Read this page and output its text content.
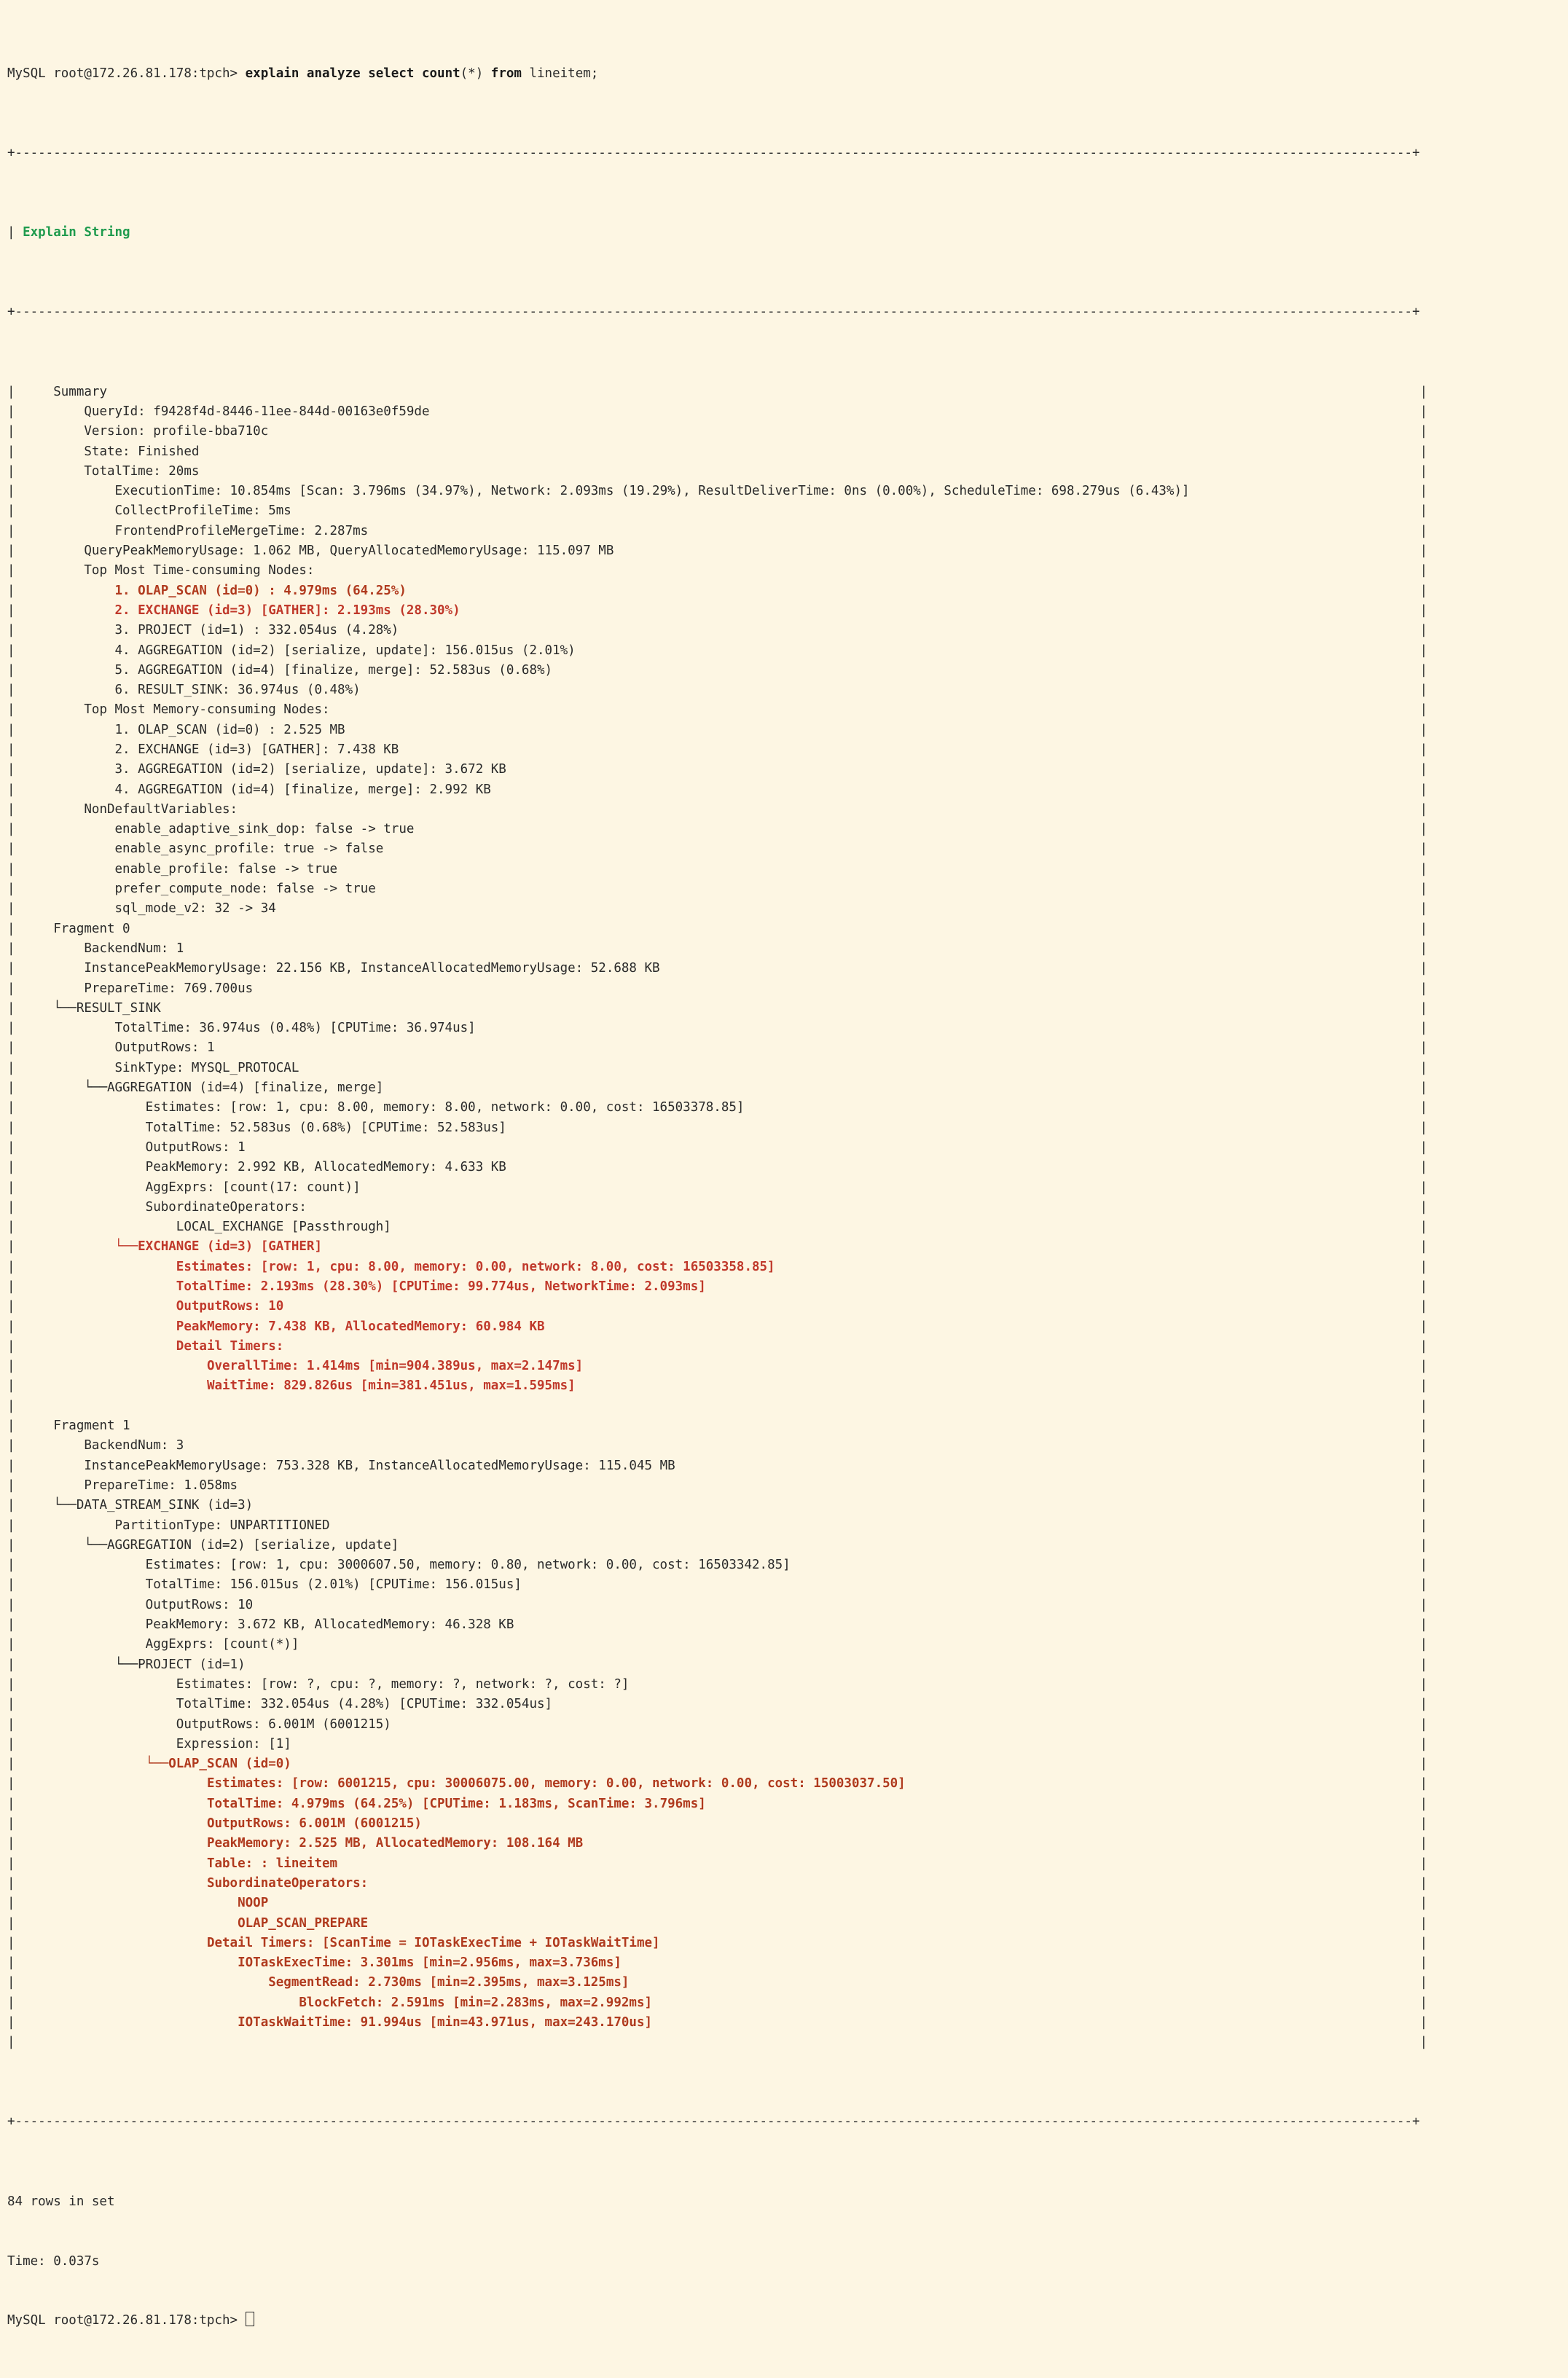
MySQL root@172.26.81.178:tpch> explain analyze select count(*) from lineitem;

+--------------------------------------------------------------------------------------------------------------------------------------------------------------------------------------+

| Explain String

+--------------------------------------------------------------------------------------------------------------------------------------------------------------------------------------+

|     Summary                                                                                                                                                                           |
|	QueryId: f9428f4d-8446-11ee-844d-00163e0f59de                                                                                                                                 |
|	Version: profile-bba710c                                                                                                                                                      |
|	State: Finished                                                                                                                                                               |
|	TotalTime: 20ms                                                                                                                                                               |
|	ExecutionTime: 10.854ms [Scan: 3.796ms (34.97%), Network: 2.093ms (19.29%), ResultDeliverTime: 0ns (0.00%), ScheduleTime: 698.279us (6.43%)]                              |
|	CollectProfileTime: 5ms                                                                                                                                                   |
|	FrontendProfileMergeTime: 2.287ms                                                                                                                                         |
|	QueryPeakMemoryUsage: 1.062 MB, QueryAllocatedMemoryUsage: 115.097 MB                                                                                                         |
|	Top Most Time-consuming Nodes:                                                                                                                                                |
|	1. OLAP_SCAN (id=0) : 4.979ms (64.25%)                                                                                                                                    |
|	2. EXCHANGE (id=3) [GATHER]: 2.193ms (28.30%)                                                                                                                             |
|	3. PROJECT (id=1) : 332.054us (4.28%)                                                                                                                                     |
|	4. AGGREGATION (id=2) [serialize, update]: 156.015us (2.01%)                                                                                                              |
|	5. AGGREGATION (id=4) [finalize, merge]: 52.583us (0.68%)                                                                                                                 |
|	6. RESULT_SINK: 36.974us (0.48%)                                                                                                                                          |
|	Top Most Memory-consuming Nodes:                                                                                                                                              |
|	1. OLAP_SCAN (id=0) : 2.525 MB                                                                                                                                            |
|	2. EXCHANGE (id=3) [GATHER]: 7.438 KB                                                                                                                                     |
|	3. AGGREGATION (id=2) [serialize, update]: 3.672 KB                                                                                                                       |
|	4. AGGREGATION (id=4) [finalize, merge]: 2.992 KB                                                                                                                         |
|	NonDefaultVariables:                                                                                                                                                          |
|	enable_adaptive_sink_dop: false -> true                                                                                                                                   |
|	enable_async_profile: true -> false                                                                                                                                       |
|	enable_profile: false -> true                                                                                                                                             |
|	prefer_compute_node: false -> true                                                                                                                                        |
|	sql_mode_v2: 32 -> 34                                                                                                                                                     |
|     Fragment 0                                                                                                                                                                        |
|	BackendNum: 1                                                                                                                                                                 |
|	InstancePeakMemoryUsage: 22.156 KB, InstanceAllocatedMemoryUsage: 52.688 KB                                                                                                   |
|	PrepareTime: 769.700us                                                                                                                                                        |
|     └──RESULT_SINK                                                                                                                                                                    |
|	TotalTime: 36.974us (0.48%) [CPUTime: 36.974us]                                                                                                                           |
|	OutputRows: 1                                                                                                                                                             |
|	SinkType: MYSQL_PROTOCAL                                                                                                                                                  |
|	└──AGGREGATION (id=4) [finalize, merge]                                                                                                                                       |
|	Estimates: [row: 1, cpu: 8.00, memory: 8.00, network: 0.00, cost: 16503378.85]                                                                                        |
|	TotalTime: 52.583us (0.68%) [CPUTime: 52.583us]                                                                                                                       |
|	OutputRows: 1                                                                                                                                                         |
|	PeakMemory: 2.992 KB, AllocatedMemory: 4.633 KB                                                                                                                       |
|	AggExprs: [count(17: count)]                                                                                                                                          |
|	SubordinateOperators:                                                                                                                                                 |
|	LOCAL_EXCHANGE [Passthrough]                                                                                                                                      |
|	└──EXCHANGE (id=3) [GATHER]                                                                                                                                               |
|	Estimates: [row: 1, cpu: 8.00, memory: 0.00, network: 8.00, cost: 16503358.85]                                                                                    |
|	TotalTime: 2.193ms (28.30%) [CPUTime: 99.774us, NetworkTime: 2.093ms]                                                                                             |
|	OutputRows: 10                                                                                                                                                    |
|	PeakMemory: 7.438 KB, AllocatedMemory: 60.984 KB                                                                                                                  |
|	Detail Timers:                                                                                                                                                    |
|	OverallTime: 1.414ms [min=904.389us, max=2.147ms]                                                                                                             |
|	WaitTime: 829.826us [min=381.451us, max=1.595ms]                                                                                                              |
|                                                                                                                                                                                       |
|     Fragment 1                                                                                                                                                                        |
|	BackendNum: 3                                                                                                                                                                 |
|	InstancePeakMemoryUsage: 753.328 KB, InstanceAllocatedMemoryUsage: 115.045 MB                                                                                                 |
|	PrepareTime: 1.058ms                                                                                                                                                          |
|     └──DATA_STREAM_SINK (id=3)                                                                                                                                                        |
|	PartitionType: UNPARTITIONED                                                                                                                                              |
|	└──AGGREGATION (id=2) [serialize, update]                                                                                                                                     |
|	Estimates: [row: 1, cpu: 3000607.50, memory: 0.80, network: 0.00, cost: 16503342.85]                                                                                  |
|	TotalTime: 156.015us (2.01%) [CPUTime: 156.015us]                                                                                                                     |
|	OutputRows: 10                                                                                                                                                        |
|	PeakMemory: 3.672 KB, AllocatedMemory: 46.328 KB                                                                                                                      |
|	AggExprs: [count(*)]                                                                                                                                                  |
|	└──PROJECT (id=1)                                                                                                                                                         |
|	Estimates: [row: ?, cpu: ?, memory: ?, network: ?, cost: ?]                                                                                                       |
|	TotalTime: 332.054us (4.28%) [CPUTime: 332.054us]                                                                                                                 |
|	OutputRows: 6.001M (6001215)                                                                                                                                      |
|	Expression: [1]                                                                                                                                                   |
|	└──OLAP_SCAN (id=0)                                                                                                                                                   |
|	Estimates: [row: 6001215, cpu: 30006075.00, memory: 0.00, network: 0.00, cost: 15003037.50]                                                                   |
|	TotalTime: 4.979ms (64.25%) [CPUTime: 1.183ms, ScanTime: 3.796ms]                                                                                             |
|	OutputRows: 6.001M (6001215)                                                                                                                                  |
|	PeakMemory: 2.525 MB, AllocatedMemory: 108.164 MB                                                                                                             |
|	Table: : lineitem                                                                                                                                             |
|	SubordinateOperators:                                                                                                                                         |
|	NOOP                                                                                                                                                      |
|	OLAP_SCAN_PREPARE                                                                                                                                         |
|	Detail Timers: [ScanTime = IOTaskExecTime + IOTaskWaitTime]                                                                                                   |
|	IOTaskExecTime: 3.301ms [min=2.956ms, max=3.736ms]                                                                                                        |
|	SegmentRead: 2.730ms [min=2.395ms, max=3.125ms]                                                                                                       |
|	BlockFetch: 2.591ms [min=2.283ms, max=2.992ms]                                                                                                    |
|	IOTaskWaitTime: 91.994us [min=43.971us, max=243.170us]                                                                                                    |
|                                                                                                                                                                                       |

+--------------------------------------------------------------------------------------------------------------------------------------------------------------------------------------+

84 rows in set

Time: 0.037s

MySQL root@172.26.81.178:tpch>
